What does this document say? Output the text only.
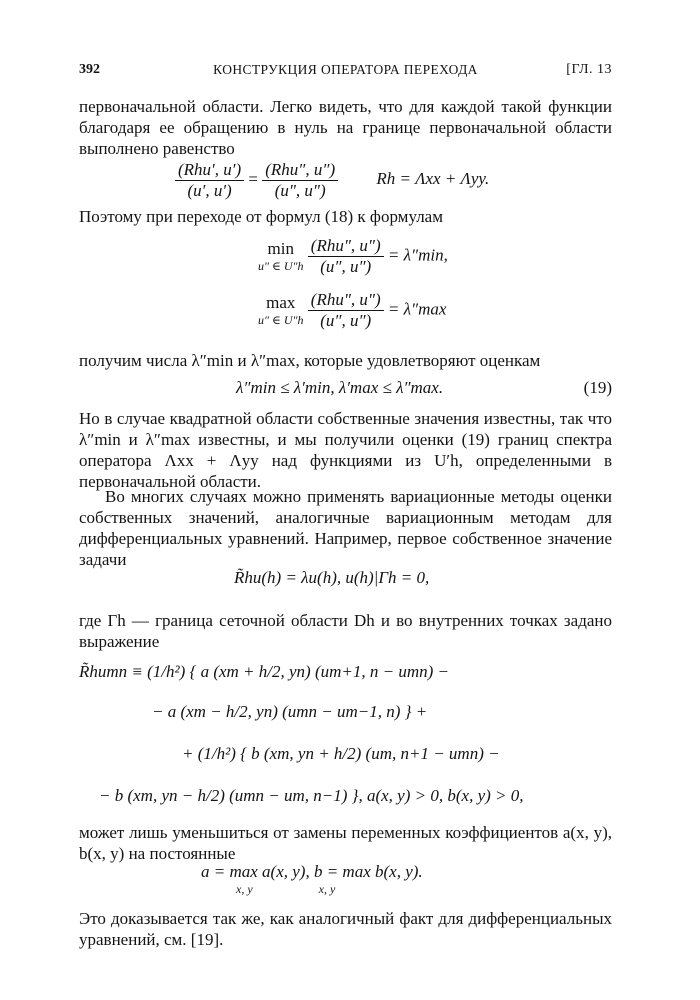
392	КОНСТРУКЦИЯ ОПЕРАТОРА ПЕРЕХОДА	[ГЛ. 13
первоначальной области. Легко видеть, что для каждой такой функции благодаря ее обращению в нуль на границе первоначальной области выполнено равенство
$\frac{\text{(Rhu′, u′)}}{(u', u')} = \frac{\text{(Rhu″, u″)}}{(u'', u'')}$ Rh = Λxx + Λyy.
Поэтому при переходе от формул (18) к формулам
min
u″ ∈ U″h
$\frac{\text{(Rhu″, u″)}}{(u'', u'')} = \lambda''\min$,
max
u″ ∈ U″h
$\frac{\text{(Rhu″, u″)}}{(u'', u'')} = \lambda''\max$
получим числа λ″min и λ″max, которые удовлетворяют оценкам
λ″min ≤ λ′min, λ′max ≤ λ″max.	(19)
Но в случае квадратной области собственные значения известны, так что λ″min и λ″max известны, и мы получили оценки (19) границ спектра оператора Λxx + Λyy над функциями из U′h, определенными в первоначальной области.
Во многих случаях можно применять вариационные методы оценки собственных значений, аналогичные вариационным методам для дифференциальных уравнений. Например, первое собственное значение задачи
R̃hu(h) = λu(h), u(h)|Γh = 0,
где Γh — граница сеточной области Dh и во внутренних точках задано выражение
R̃humn ≡ (1/h²) { a (xm + h/2, yn) (um+1, n − umn) −
− a (xm − h/2, yn) (umn − um−1, n) } +
+ (1/h²) { b (xm, yn + h/2) (um, n+1 − umn) −
− b (xm, yn − h/2) (umn − um, n−1) }, a(x, y) > 0, b(x, y) > 0,
может лишь уменьшиться от замены переменных коэффициентов a(x, y), b(x, y) на постоянные
a = max a(x, y), b = max b(x, y).
x, y                      x, y
Это доказывается так же, как аналогичный факт для дифференциальных уравнений, см. [19].
